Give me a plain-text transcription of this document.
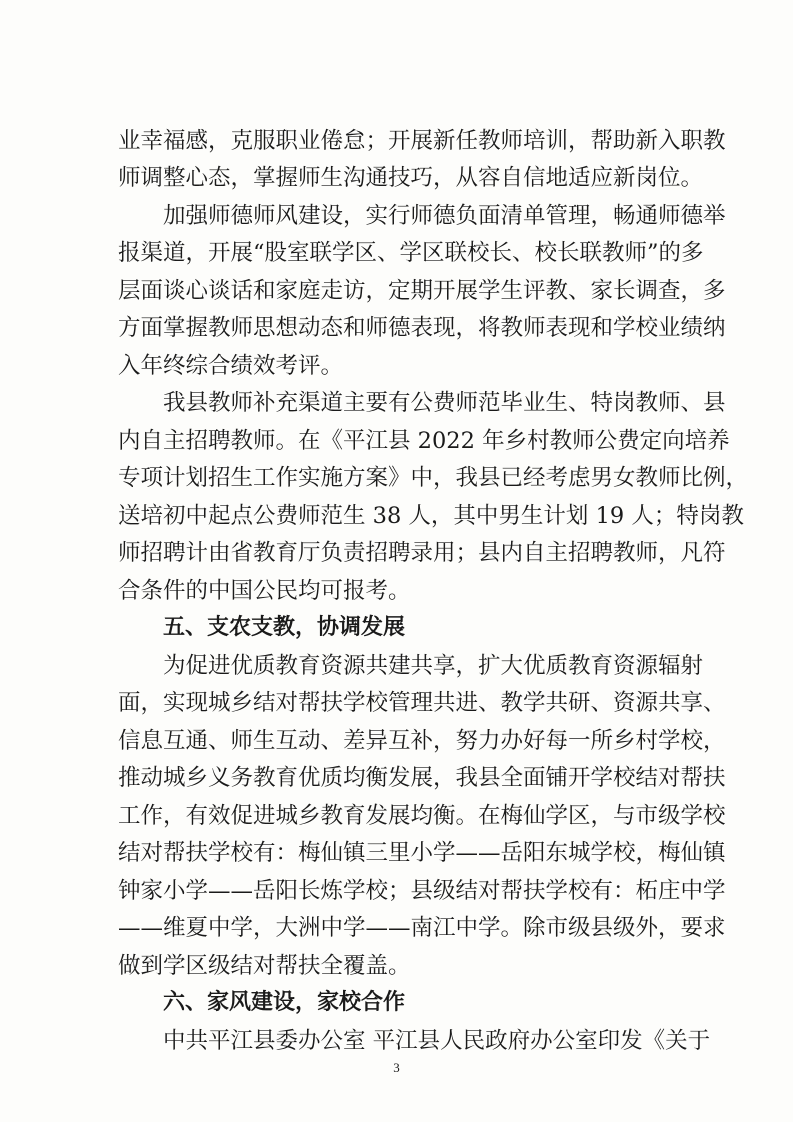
业幸福感，克服职业倦怠；开展新任教师培训，帮助新入职教
师调整心态，掌握师生沟通技巧，从容自信地适应新岗位。
加强师德师风建设，实行师德负面清单管理，畅通师德举
报渠道，开展“股室联学区、学区联校长、校长联教师”的多
层面谈心谈话和家庭走访，定期开展学生评教、家长调查，多
方面掌握教师思想动态和师德表现，将教师表现和学校业绩纳
入年终综合绩效考评。
我县教师补充渠道主要有公费师范毕业生、特岗教师、县
内自主招聘教师。在《平江县 2022 年乡村教师公费定向培养
专项计划招生工作实施方案》中，我县已经考虑男女教师比例，
送培初中起点公费师范生 38 人，其中男生计划 19 人；特岗教
师招聘计由省教育厅负责招聘录用；县内自主招聘教师，凡符
合条件的中国公民均可报考。
五、支农支教，协调发展
为促进优质教育资源共建共享，扩大优质教育资源辐射
面，实现城乡结对帮扶学校管理共进、教学共研、资源共享、
信息互通、师生互动、差异互补，努力办好每一所乡村学校，
推动城乡义务教育优质均衡发展，我县全面铺开学校结对帮扶
工作，有效促进城乡教育发展均衡。在梅仙学区，与市级学校
结对帮扶学校有：梅仙镇三里小学——岳阳东城学校，梅仙镇
钟家小学——岳阳长炼学校；县级结对帮扶学校有：柘庄中学
——维夏中学，大洲中学——南江中学。除市级县级外，要求
做到学区级结对帮扶全覆盖。
六、家风建设，家校合作
中共平江县委办公室 平江县人民政府办公室印发《关于
3
